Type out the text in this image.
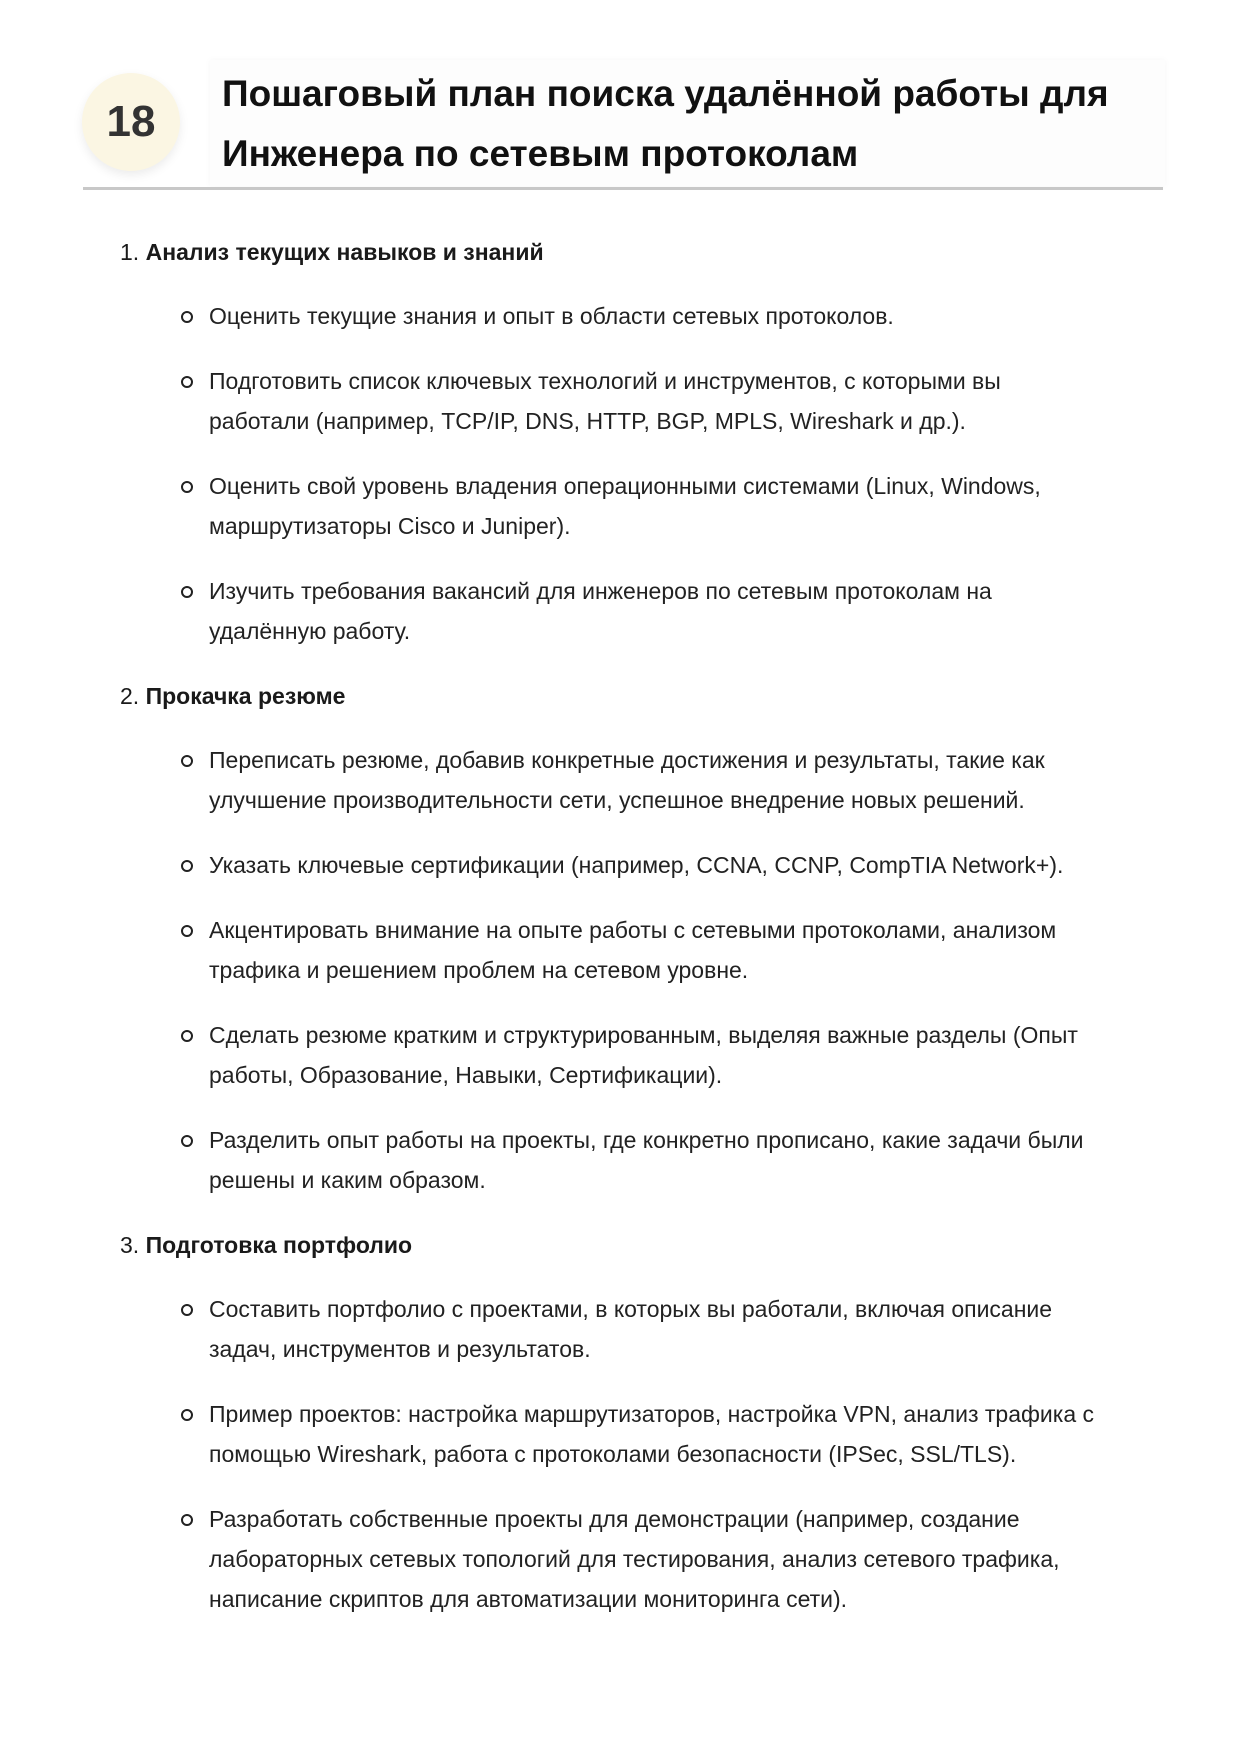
18
Пошаговый план поиска удалённой работы для
Инженера по сетевым протоколам
1. Анализ текущих навыков и знаний
Оценить текущие знания и опыт в области сетевых протоколов.
Подготовить список ключевых технологий и инструментов, с которыми вы
работали (например, TCP/IP, DNS, HTTP, BGP, MPLS, Wireshark и др.).
Оценить свой уровень владения операционными системами (Linux, Windows,
маршрутизаторы Cisco и Juniper).
Изучить требования вакансий для инженеров по сетевым протоколам на
удалённую работу.
2. Прокачка резюме
Переписать резюме, добавив конкретные достижения и результаты, такие как
улучшение производительности сети, успешное внедрение новых решений.
Указать ключевые сертификации (например, CCNA, CCNP, CompTIA Network+).
Акцентировать внимание на опыте работы с сетевыми протоколами, анализом
трафика и решением проблем на сетевом уровне.
Сделать резюме кратким и структурированным, выделяя важные разделы (Опыт
работы, Образование, Навыки, Сертификации).
Разделить опыт работы на проекты, где конкретно прописано, какие задачи были
решены и каким образом.
3. Подготовка портфолио
Составить портфолио с проектами, в которых вы работали, включая описание
задач, инструментов и результатов.
Пример проектов: настройка маршрутизаторов, настройка VPN, анализ трафика с
помощью Wireshark, работа с протоколами безопасности (IPSec, SSL/TLS).
Разработать собственные проекты для демонстрации (например, создание
лабораторных сетевых топологий для тестирования, анализ сетевого трафика,
написание скриптов для автоматизации мониторинга сети).
